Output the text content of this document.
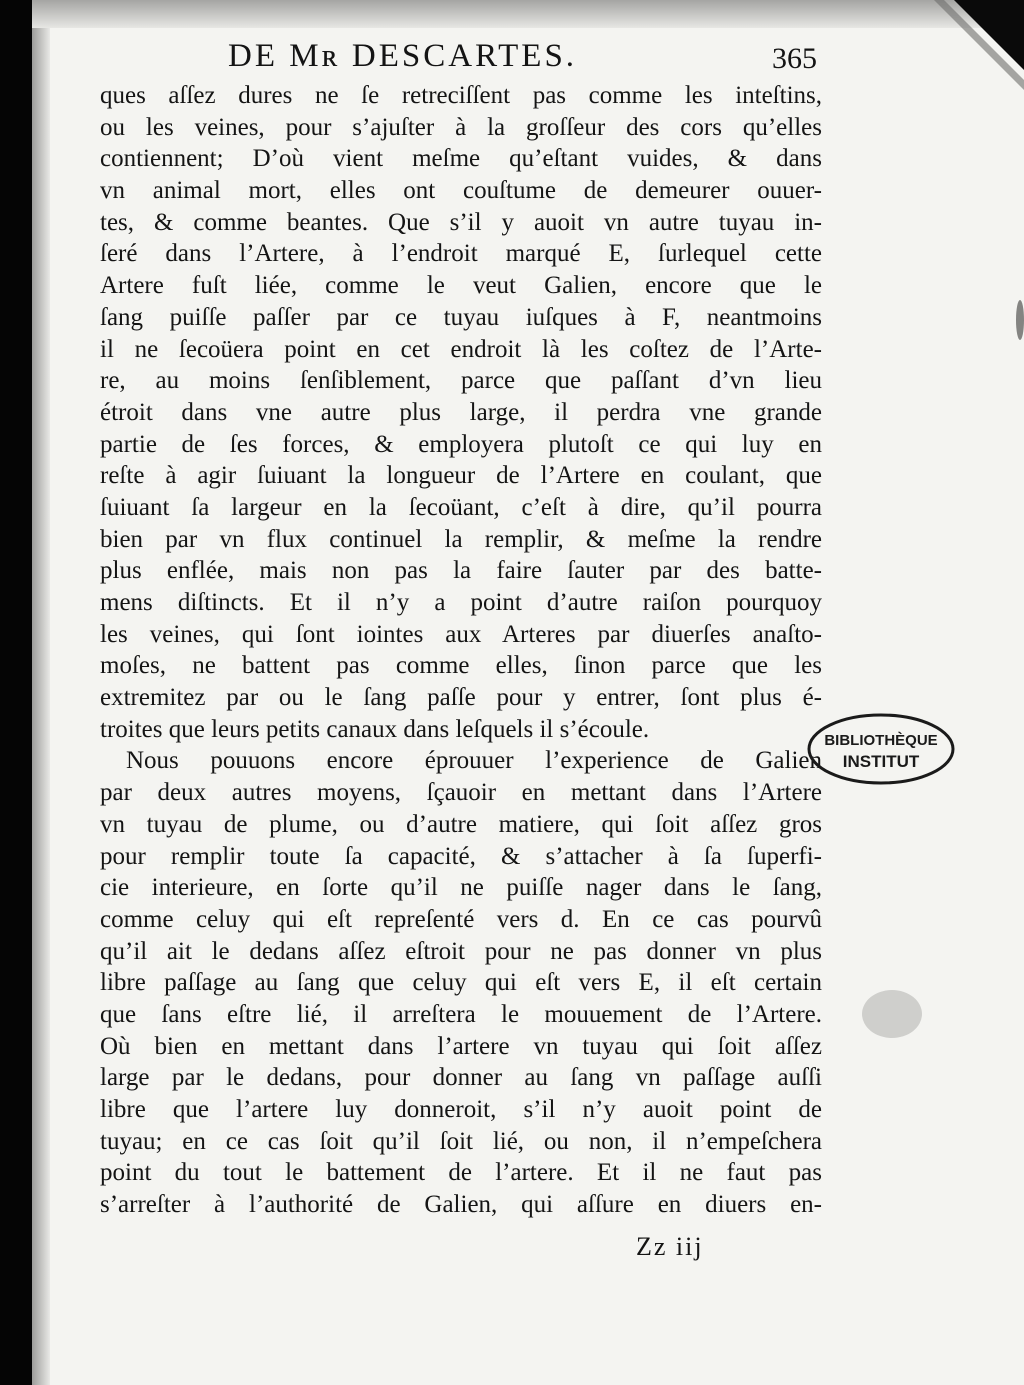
DE Mʀ DESCARTES.	365
ques aſſez dures ne ſe retreciſſent pas comme les inteſtins,
ou les veines, pour s’ajuſter à la groſſeur des cors qu’elles
contiennent; D’où vient meſme qu’eſtant vuides, & dans
vn animal mort, elles ont couſtume de demeurer ouuer-
tes, & comme beantes. Que s’il y auoit vn autre tuyau in-
ſeré dans l’Artere, à l’endroit marqué E, ſurlequel cette
Artere fuſt liée, comme le veut Galien, encore que le
ſang puiſſe paſſer par ce tuyau iuſques à F, neantmoins
il ne ſecoüera point en cet endroit là les coſtez de l’Arte-
re, au moins ſenſiblement, parce que paſſant d’vn lieu
étroit dans vne autre plus large, il perdra vne grande
partie de ſes forces, & employera plutoſt ce qui luy en
reſte à agir ſuiuant la longueur de l’Artere en coulant, que
ſuiuant ſa largeur en la ſecoüant, c’eſt à dire, qu’il pourra
bien par vn flux continuel la remplir, & meſme la rendre
plus enflée, mais non pas la faire ſauter par des batte-
mens diſtincts. Et il n’y a point d’autre raiſon pourquoy
les veines, qui ſont iointes aux Arteres par diuerſes anaſto-
moſes, ne battent pas comme elles, ſinon parce que les
extremitez par ou le ſang paſſe pour y entrer, ſont plus é-
troites que leurs petits canaux dans leſquels il s’écoule.
Nous pouuons encore éprouuer l’experience de Galien
par deux autres moyens, ſçauoir en mettant dans l’Artere
vn tuyau de plume, ou d’autre matiere, qui ſoit aſſez gros
pour remplir toute ſa capacité, & s’attacher à ſa ſuperfi-
cie interieure, en ſorte qu’il ne puiſſe nager dans le ſang,
comme celuy qui eſt repreſenté vers d. En ce cas pourvû
qu’il ait le dedans aſſez eſtroit pour ne pas donner vn plus
libre paſſage au ſang que celuy qui eſt vers E, il eſt certain
que ſans eſtre lié, il arreſtera le mouuement de l’Artere.
Où bien en mettant dans l’artere vn tuyau qui ſoit aſſez
large par le dedans, pour donner au ſang vn paſſage auſſi
libre que l’artere luy donneroit, s’il n’y auoit point de
tuyau; en ce cas ſoit qu’il ſoit lié, ou non, il n’empeſchera
point du tout le battement de l’artere. Et il ne faut pas
s’arreſter à l’authorité de Galien, qui aſſure en diuers en-
Zz iij
BIBLIOTHÈQUE
INSTITUT
